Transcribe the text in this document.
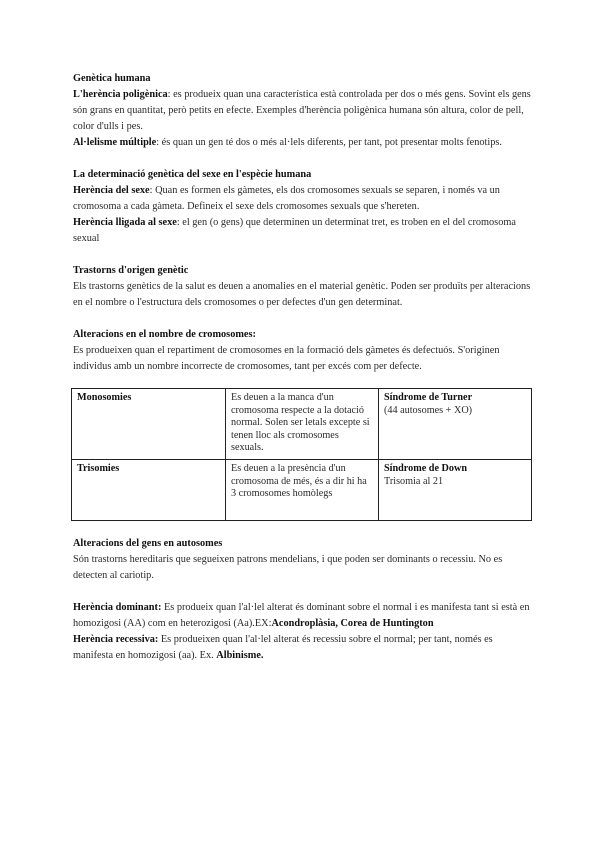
Genètica humana

L'herència poligènica: es produeix quan una característica està controlada per dos o més gens. Sovint els gens són grans en quantitat, però petits en efecte. Exemples d'herència poligènica humana són altura, color de pell, color d'ulls i pes.

Al·lelisme múltiple: és quan un gen té dos o més al·lels diferents, per tant, pot presentar molts fenotips.

La determinació genètica del sexe en l'espècie humana

Herència del sexe: Quan es formen els gàmetes, els dos cromosomes sexuals se separen, i només va un cromosoma a cada gàmeta. Defineix el sexe dels cromosomes sexuals que s'hereten.

Herència lligada al sexe: el gen (o gens) que determinen un determinat tret, es troben en el del cromosoma sexual

Trastorns d'origen genètic

Els trastorns genètics de la salut es deuen a anomalies en el material genètic. Poden ser produïts per alteracions en el nombre o l'estructura dels cromosomes o per defectes d'un gen determinat.

Alteracions en el nombre de cromosomes:

Es produeixen quan el repartiment de cromosomes en la formació dels gàmetes és defectuós. S'originen individus amb un nombre incorrecte de cromosomes, tant per excés com per defecte.

Monosomies	Es deuen a la manca d'un cromosoma respecte a la dotació normal. Solen ser letals excepte si tenen lloc als cromosomes sexuals.	Síndrome de Turner
(44 autosomes + XO)

Trisomies	Es deuen a la presència d'un cromosoma de més, és a dir hi ha 3 cromosomes homòlegs	Síndrome de Down
Trisomia al 21

Alteracions del gens en autosomes

Són trastorns hereditaris que segueixen patrons mendelians, i que poden ser dominants o recessiu. No es detecten al cariotip.

Herència dominant: Es produeix quan l'al·lel alterat és dominant sobre el normal i es manifesta tant si està en homozigosi (AA) com en heterozigosi (Aa).EX:Acondroplàsia, Corea de Huntington

Herència recessiva: Es produeixen quan l'al·lel alterat és recessiu sobre el normal; per tant, només es manifesta en homozigosi (aa). Ex. Albinisme.
